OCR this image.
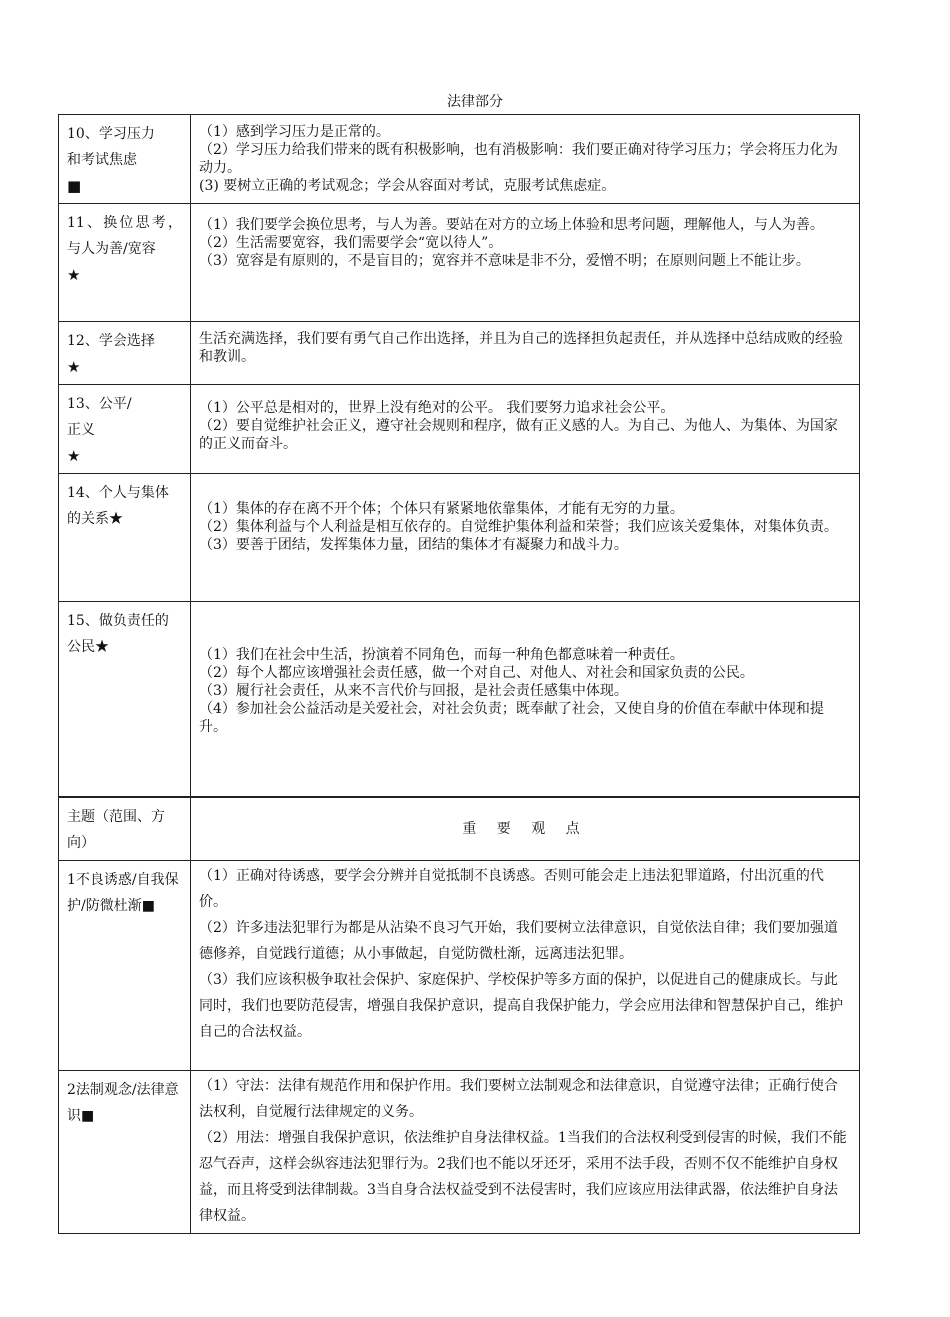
法律部分
10、学习压力
和考试焦虑
■	（1）感到学习压力是正常的。
（2）学习压力给我们带来的既有积极影响，也有消极影响：我们要正确对待学习压力；学会将压力化为动力。
(3) 要树立正确的考试观念；学会从容面对考试，克服考试焦虑症。

11、换位思考，与人为善/宽容
★	（1）我们要学会换位思考，与人为善。要站在对方的立场上体验和思考问题，理解他人，与人为善。
（2）生活需要宽容，我们需要学会“宽以待人”。
（3）宽容是有原则的，不是盲目的；宽容并不意味是非不分，爱憎不明；在原则问题上不能让步。

12、学会选择
★	生活充满选择，我们要有勇气自己作出选择，并且为自己的选择担负起责任，并从选择中总结成败的经验和教训。

13、公平/
正义
★	（1）公平总是相对的，世界上没有绝对的公平。 我们要努力追求社会公平。
（2）要自觉维护社会正义，遵守社会规则和程序，做有正义感的人。为自己、为他人、为集体、为国家的正义而奋斗。

14、个人与集体的关系★	（1）集体的存在离不开个体；个体只有紧紧地依靠集体，才能有无穷的力量。
（2）集体利益与个人利益是相互依存的。自觉维护集体利益和荣誉；我们应该关爱集体，对集体负责。
（3）要善于团结，发挥集体力量，团结的集体才有凝聚力和战斗力。

15、做负责任的公民★	（1）我们在社会中生活，扮演着不同角色，而每一种角色都意味着一种责任。
（2）每个人都应该增强社会责任感，做一个对自己、对他人、对社会和国家负责的公民。
（3）履行社会责任，从来不言代价与回报，是社会责任感集中体现。
（4）参加社会公益活动是关爱社会，对社会负责；既奉献了社会，又使自身的价值在奉献中体现和提升。

主题（范围、方向）	重 要 观 点

1不良诱惑/自我保护/防微杜渐■	（1）正确对待诱惑，要学会分辨并自觉抵制不良诱惑。否则可能会走上违法犯罪道路，付出沉重的代价。
（2）许多违法犯罪行为都是从沾染不良习气开始，我们要树立法律意识，自觉依法自律；我们要加强道德修养，自觉践行道德；从小事做起，自觉防微杜渐，远离违法犯罪。
（3）我们应该积极争取社会保护、家庭保护、学校保护等多方面的保护，以促进自己的健康成长。与此同时，我们也要防范侵害，增强自我保护意识，提高自我保护能力，学会应用法律和智慧保护自己，维护自己的合法权益。

2法制观念/法律意识■	（1）守法：法律有规范作用和保护作用。我们要树立法制观念和法律意识，自觉遵守法律；正确行使合法权利，自觉履行法律规定的义务。
（2）用法：增强自我保护意识，依法维护自身法律权益。1当我们的合法权利受到侵害的时候，我们不能忍气吞声，这样会纵容违法犯罪行为。2我们也不能以牙还牙，采用不法手段，否则不仅不能维护自身权益，而且将受到法律制裁。3当自身合法权益受到不法侵害时，我们应该应用法律武器，依法维护自身法律权益。
